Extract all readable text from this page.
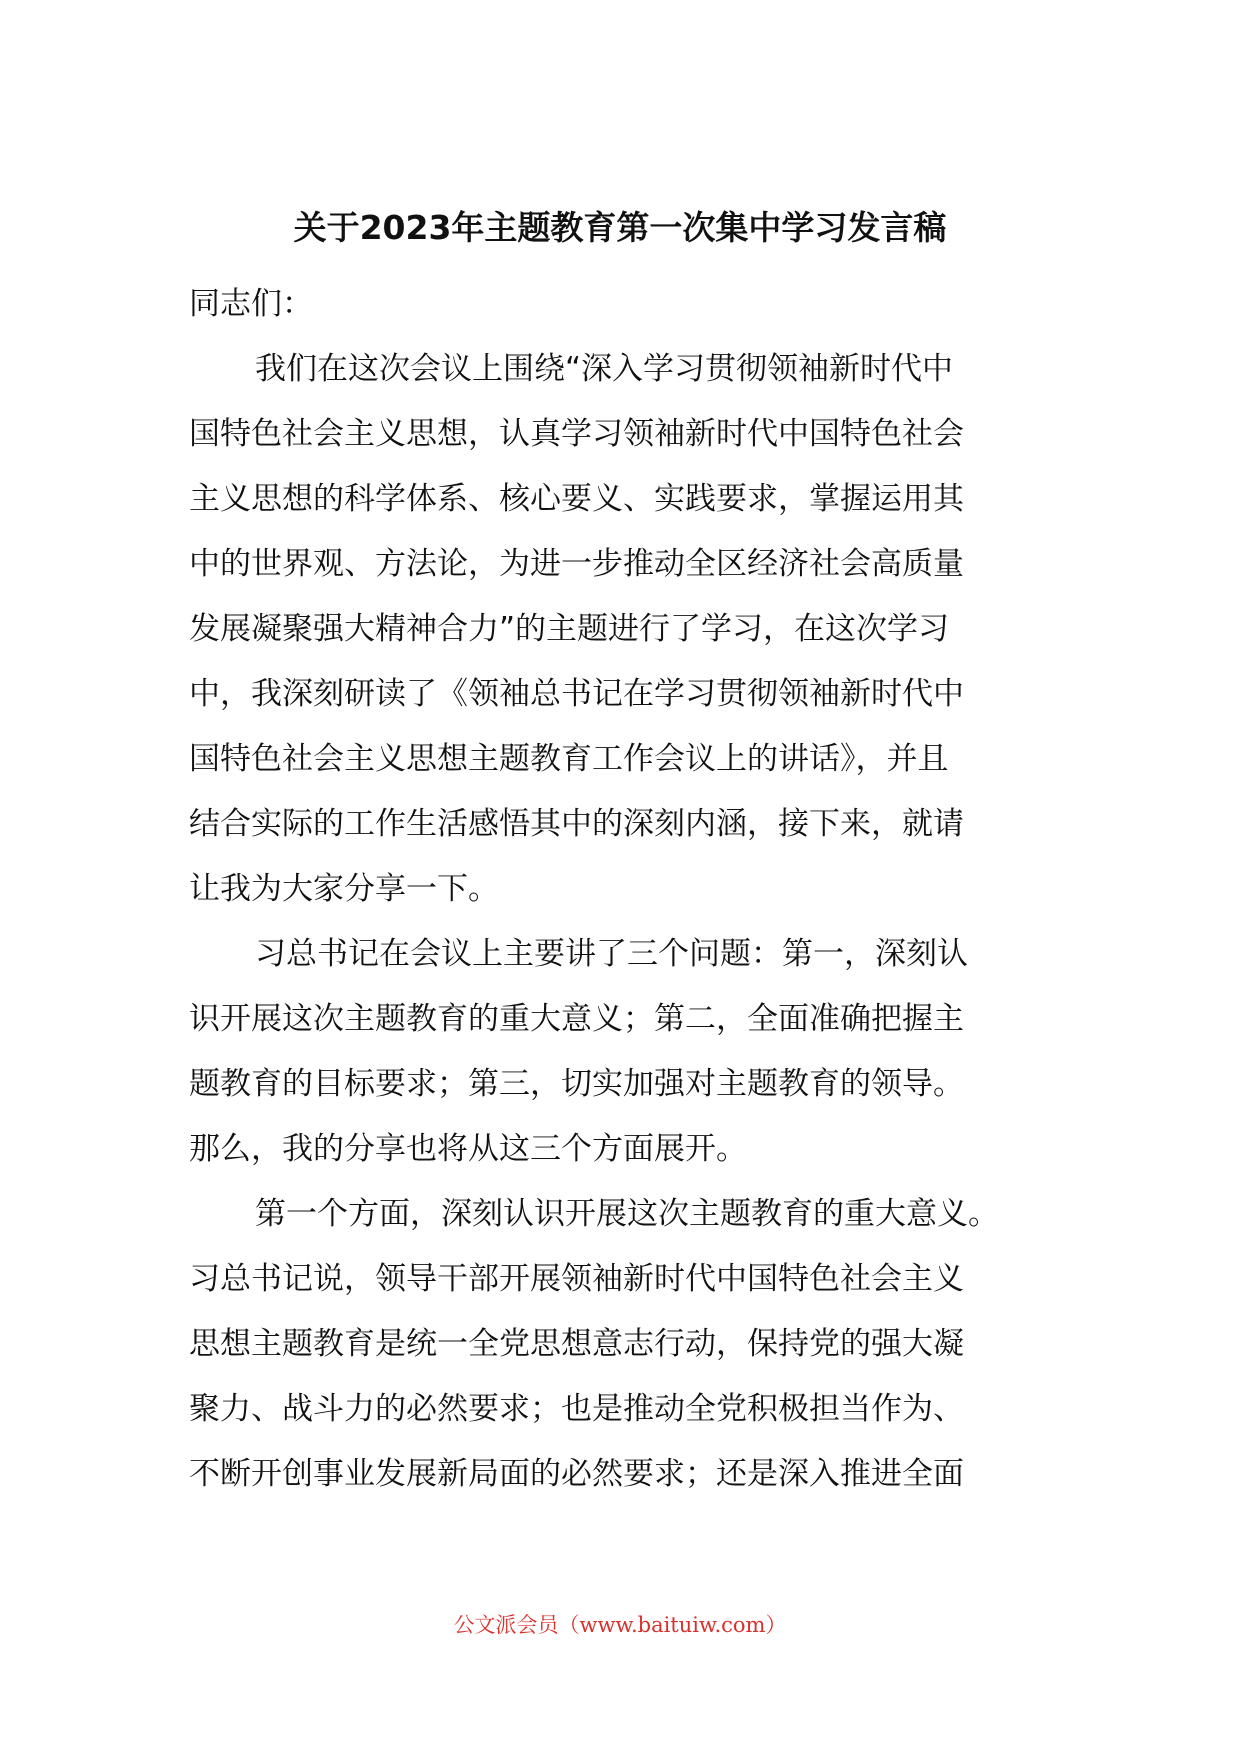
关于2023年主题教育第一次集中学习发言稿
同志们：
我们在这次会议上围绕“深入学习贯彻领袖新时代中
国特色社会主义思想，认真学习领袖新时代中国特色社会
主义思想的科学体系、核心要义、实践要求，掌握运用其
中的世界观、方法论，为进一步推动全区经济社会高质量
发展凝聚强大精神合力”的主题进行了学习，在这次学习
中，我深刻研读了《领袖总书记在学习贯彻领袖新时代中
国特色社会主义思想主题教育工作会议上的讲话》，并且
结合实际的工作生活感悟其中的深刻内涵，接下来，就请
让我为大家分享一下。
习总书记在会议上主要讲了三个问题：第一，深刻认
识开展这次主题教育的重大意义；第二，全面准确把握主
题教育的目标要求；第三，切实加强对主题教育的领导。
那么，我的分享也将从这三个方面展开。
第一个方面，深刻认识开展这次主题教育的重大意义。
习总书记说，领导干部开展领袖新时代中国特色社会主义
思想主题教育是统一全党思想意志行动，保持党的强大凝
聚力、战斗力的必然要求；也是推动全党积极担当作为、
不断开创事业发展新局面的必然要求；还是深入推进全面
公文派会员（www.baituiw.com）
